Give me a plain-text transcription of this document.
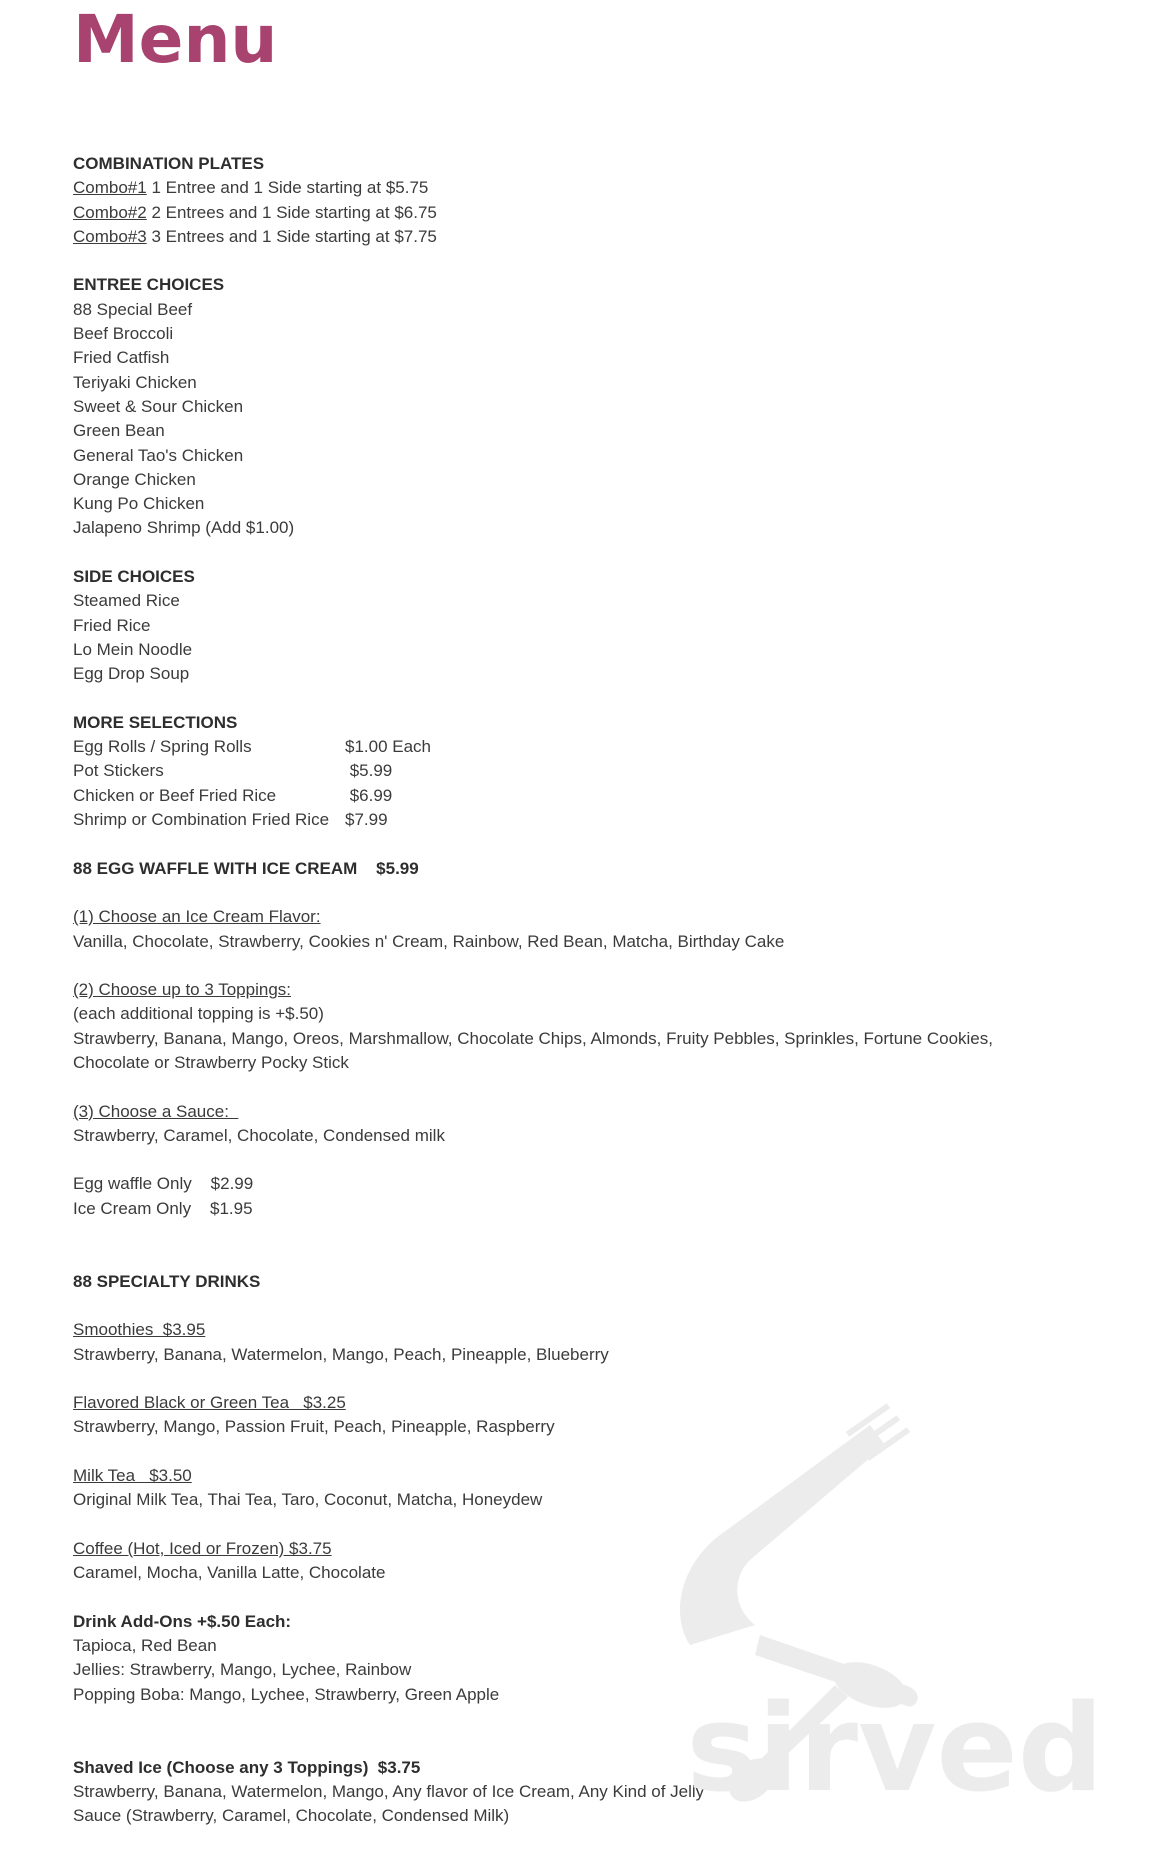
Menu
COMBINATION PLATES
Combo#1 1 Entree and 1 Side starting at $5.75
Combo#2 2 Entrees and 1 Side starting at $6.75
Combo#3 3 Entrees and 1 Side starting at $7.75
ENTREE CHOICES
88 Special Beef
Beef Broccoli
Fried Catfish
Teriyaki Chicken
Sweet & Sour Chicken
Green Bean
General Tao's Chicken
Orange Chicken
Kung Po Chicken
Jalapeno Shrimp (Add $1.00)
SIDE CHOICES
Steamed Rice
Fried Rice
Lo Mein Noodle
Egg Drop Soup
MORE SELECTIONS
Egg Rolls / Spring Rolls	$1.00 Each
Pot Stickers	$5.99
Chicken or Beef Fried Rice	$6.99
Shrimp or Combination Fried Rice $7.99
88 EGG WAFFLE WITH ICE CREAM    $5.99
(1) Choose an Ice Cream Flavor:
Vanilla, Chocolate, Strawberry, Cookies n' Cream, Rainbow, Red Bean, Matcha, Birthday Cake
(2) Choose up to 3 Toppings:
(each additional topping is +$.50)
Strawberry, Banana, Mango, Oreos, Marshmallow, Chocolate Chips, Almonds, Fruity Pebbles, Sprinkles, Fortune Cookies,
Chocolate or Strawberry Pocky Stick
(3) Choose a Sauce:
Strawberry, Caramel, Chocolate, Condensed milk
Egg waffle Only $2.99
Ice Cream Only $1.95
88 SPECIALTY DRINKS
Smoothies  $3.95
Strawberry, Banana, Watermelon, Mango, Peach, Pineapple, Blueberry
Flavored Black or Green Tea   $3.25
Strawberry, Mango, Passion Fruit, Peach, Pineapple, Raspberry
Milk Tea   $3.50
Original Milk Tea, Thai Tea, Taro, Coconut, Matcha, Honeydew
Coffee (Hot, Iced or Frozen) $3.75
Caramel, Mocha, Vanilla Latte, Chocolate
Drink Add-Ons +$.50 Each:
Tapioca, Red Bean
Jellies: Strawberry, Mango, Lychee, Rainbow
Popping Boba: Mango, Lychee, Strawberry, Green Apple
Shaved Ice (Choose any 3 Toppings)  $3.75
Strawberry, Banana, Watermelon, Mango, Any flavor of Ice Cream, Any Kind of Jelly
Sauce (Strawberry, Caramel, Chocolate, Condensed Milk)	sirved
